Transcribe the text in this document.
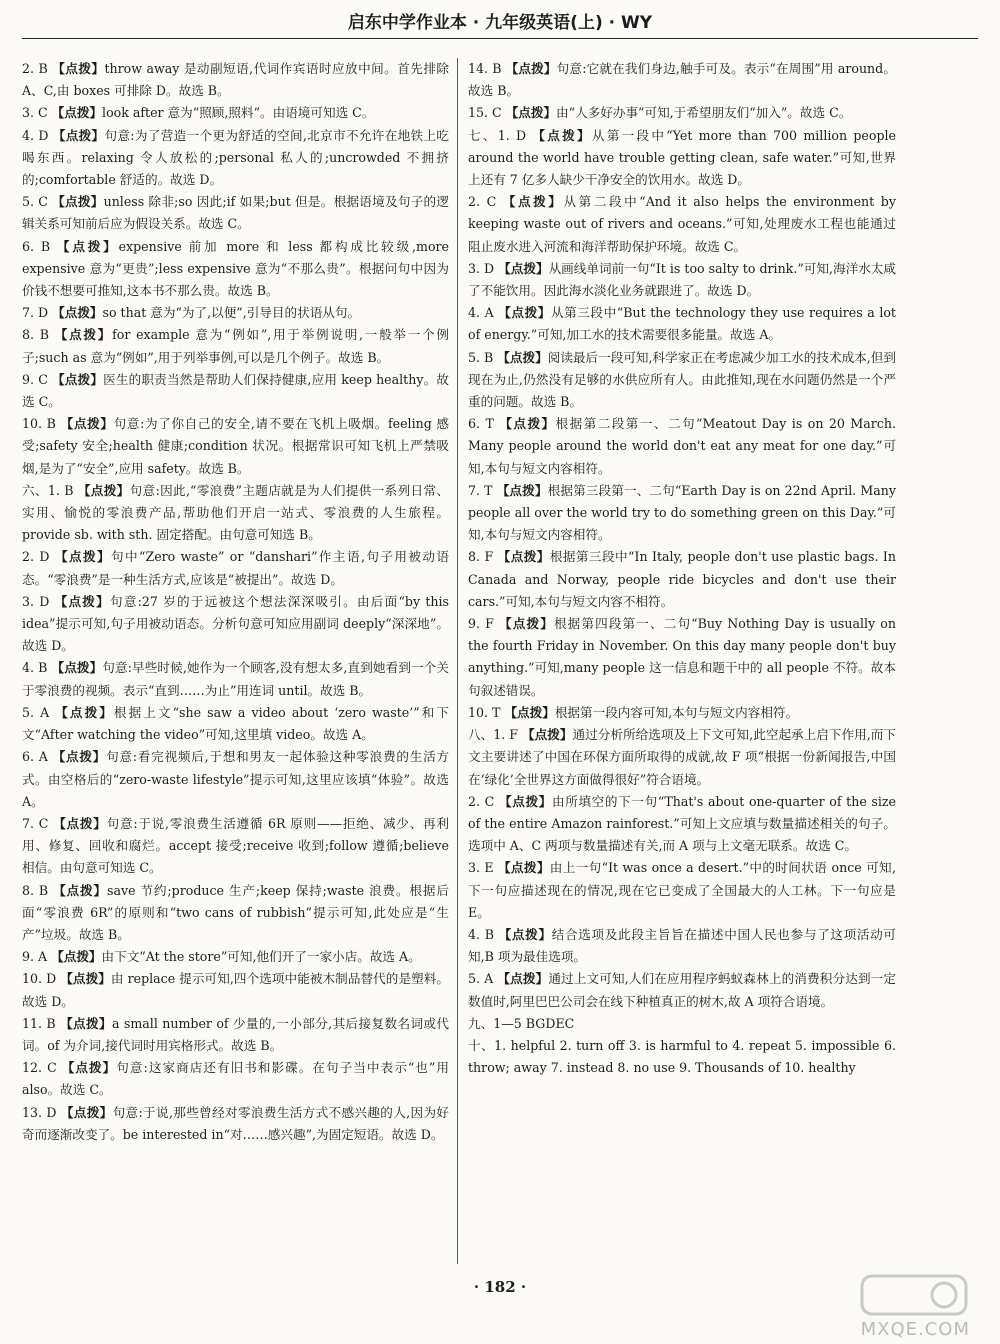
启东中学作业本 · 九年级英语(上) · WY

2. B 【点拨】throw away 是动副短语,代词作宾语时应放中间。首先排除 A、C,由 boxes 可排除 D。故选 B。

3. C 【点拨】look after 意为“照顾,照料”。由语境可知选 C。

4. D 【点拨】句意:为了营造一个更为舒适的空间,北京市不允许在地铁上吃喝东西。relaxing 令人放松的;personal 私人的;uncrowded 不拥挤的;comfortable 舒适的。故选 D。

5. C 【点拨】unless 除非;so 因此;if 如果;but 但是。根据语境及句子的逻辑关系可知前后应为假设关系。故选 C。

6. B 【点拨】expensive 前加 more 和 less 都构成比较级,more expensive 意为“更贵”;less expensive 意为“不那么贵”。根据问句中因为价钱不想要可推知,这本书不那么贵。故选 B。

7. D 【点拨】so that 意为“为了,以便”,引导目的状语从句。

8. B 【点拨】for example 意为“例如”,用于举例说明,一般举一个例子;such as 意为“例如”,用于列举事例,可以是几个例子。故选 B。

9. C 【点拨】医生的职责当然是帮助人们保持健康,应用 keep healthy。故选 C。

10. B 【点拨】句意:为了你自己的安全,请不要在飞机上吸烟。feeling 感受;safety 安全;health 健康;condition 状况。根据常识可知飞机上严禁吸烟,是为了“安全”,应用 safety。故选 B。

六、1. B 【点拨】句意:因此,“零浪费”主题店就是为人们提供一系列日常、实用、愉悦的零浪费产品,帮助他们开启一站式、零浪费的人生旅程。provide sb. with sth. 固定搭配。由句意可知选 B。

2. D 【点拨】句中“Zero waste” or “danshari”作主语,句子用被动语态。“零浪费”是一种生活方式,应该是“被提出”。故选 D。

3. D 【点拨】句意:27 岁的于远被这个想法深深吸引。由后面“by this idea”提示可知,句子用被动语态。分析句意可知应用副词 deeply“深深地”。故选 D。

4. B 【点拨】句意:早些时候,她作为一个顾客,没有想太多,直到她看到一个关于零浪费的视频。表示“直到……为止”用连词 until。故选 B。

5. A 【点拨】根据上文“she saw a video about ‘zero waste’”和下文“After watching the video”可知,这里填 video。故选 A。

6. A 【点拨】句意:看完视频后,于想和男友一起体验这种零浪费的生活方式。由空格后的“zero-waste lifestyle”提示可知,这里应该填“体验”。故选 A。

7. C 【点拨】句意:于说,零浪费生活遵循 6R 原则——拒绝、减少、再利用、修复、回收和腐烂。accept 接受;receive 收到;follow 遵循;believe 相信。由句意可知选 C。

8. B 【点拨】save 节约;produce 生产;keep 保持;waste 浪费。根据后面“零浪费 6R”的原则和“two cans of rubbish”提示可知,此处应是“生产”垃圾。故选 B。

9. A 【点拨】由下文“At the store”可知,他们开了一家小店。故选 A。

10. D 【点拨】由 replace 提示可知,四个选项中能被木制品替代的是塑料。故选 D。

11. B 【点拨】a small number of 少量的,一小部分,其后接复数名词或代词。of 为介词,接代词时用宾格形式。故选 B。

12. C 【点拨】句意:这家商店还有旧书和影碟。在句子当中表示“也”用 also。故选 C。

13. D 【点拨】句意:于说,那些曾经对零浪费生活方式不感兴趣的人,因为好奇而逐渐改变了。be interested in“对……感兴趣”,为固定短语。故选 D。

14. B 【点拨】句意:它就在我们身边,触手可及。表示“在周围”用 around。故选 B。

15. C 【点拨】由“人多好办事”可知,于希望朋友们“加入”。故选 C。

七、1. D 【点拨】从第一段中“Yet more than 700 million people around the world have trouble getting clean, safe water.”可知,世界上还有 7 亿多人缺少干净安全的饮用水。故选 D。

2. C 【点拨】从第二段中“And it also helps the environment by keeping waste out of rivers and oceans.”可知,处理废水工程也能通过阻止废水进入河流和海洋帮助保护环境。故选 C。

3. D 【点拨】从画线单词前一句“It is too salty to drink.”可知,海洋水太咸了不能饮用。因此海水淡化业务就跟进了。故选 D。

4. A 【点拨】从第三段中“But the technology they use requires a lot of energy.”可知,加工水的技术需要很多能量。故选 A。

5. B 【点拨】阅读最后一段可知,科学家正在考虑减少加工水的技术成本,但到现在为止,仍然没有足够的水供应所有人。由此推知,现在水问题仍然是一个严重的问题。故选 B。

6. T 【点拨】根据第二段第一、二句“Meatout Day is on 20 March. Many people around the world don't eat any meat for one day.”可知,本句与短文内容相符。

7. T 【点拨】根据第三段第一、二句“Earth Day is on 22nd April. Many people all over the world try to do something green on this Day.”可知,本句与短文内容相符。

8. F 【点拨】根据第三段中“In Italy, people don't use plastic bags. In Canada and Norway, people ride bicycles and don't use their cars.”可知,本句与短文内容不相符。

9. F 【点拨】根据第四段第一、二句“Buy Nothing Day is usually on the fourth Friday in November. On this day many people don't buy anything.”可知,many people 这一信息和题干中的 all people 不符。故本句叙述错误。

10. T 【点拨】根据第一段内容可知,本句与短文内容相符。

八、1. F 【点拨】通过分析所给选项及上下文可知,此空起承上启下作用,而下文主要讲述了中国在环保方面所取得的成就,故 F 项“根据一份新闻报告,中国在‘绿化’全世界这方面做得很好”符合语境。

2. C 【点拨】由所填空的下一句“That's about one-quarter of the size of the entire Amazon rainforest.”可知上文应填与数量描述相关的句子。选项中 A、C 两项与数量描述有关,而 A 项与上文毫无联系。故选 C。

3. E 【点拨】由上一句“It was once a desert.”中的时间状语 once 可知,下一句应描述现在的情况,现在它已变成了全国最大的人工林。下一句应是 E。

4. B 【点拨】结合选项及此段主旨旨在描述中国人民也参与了这项活动可知,B 项为最佳选项。

5. A 【点拨】通过上文可知,人们在应用程序蚂蚁森林上的消费积分达到一定数值时,阿里巴巴公司会在线下种植真正的树木,故 A 项符合语境。

九、1—5 BGDEC

十、1. helpful 2. turn off 3. is harmful to 4. repeat 5. impossible 6. throw; away 7. instead 8. no use 9. Thousands of 10. healthy

· 182 ·
MXQE.COM
